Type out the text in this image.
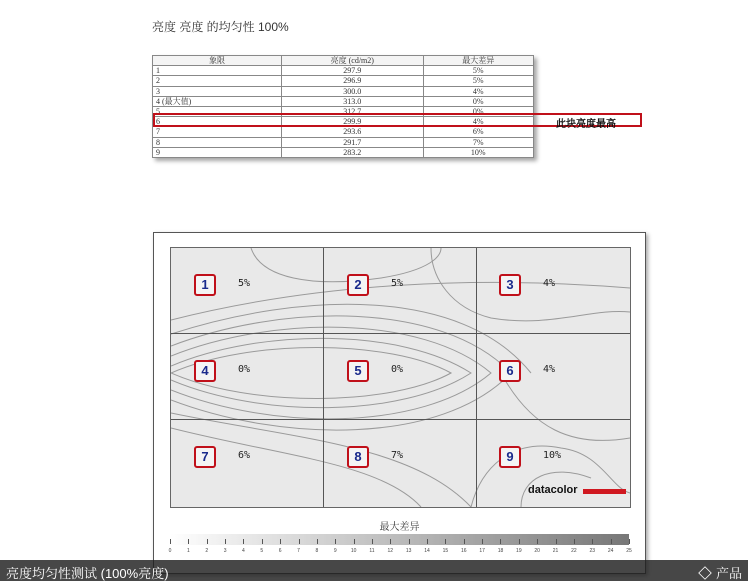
亮度 亮度 的均匀性 100%
象限	亮度 (cd/m2)	最大差异
1	297.9	5%
2	296.9	5%
3	300.0	4%
4 (最大值)	313.0	0%
5	312.7	0%
6	299.9	4%
7	293.6	6%
8	291.7	7%
9	283.2	10%
此块亮度最高
1	5%	2	5%	3	4%
4	0%	5	0%	6	4%
7	6%	8	7%	9	10%
datacolor
最大差异
0	1	2	3	4	5	6	7	8	9	10	11	12	13	14	15	16	17	18	19	20	21	22	23	24	25
亮度均匀性测试 (100%亮度)	产品
